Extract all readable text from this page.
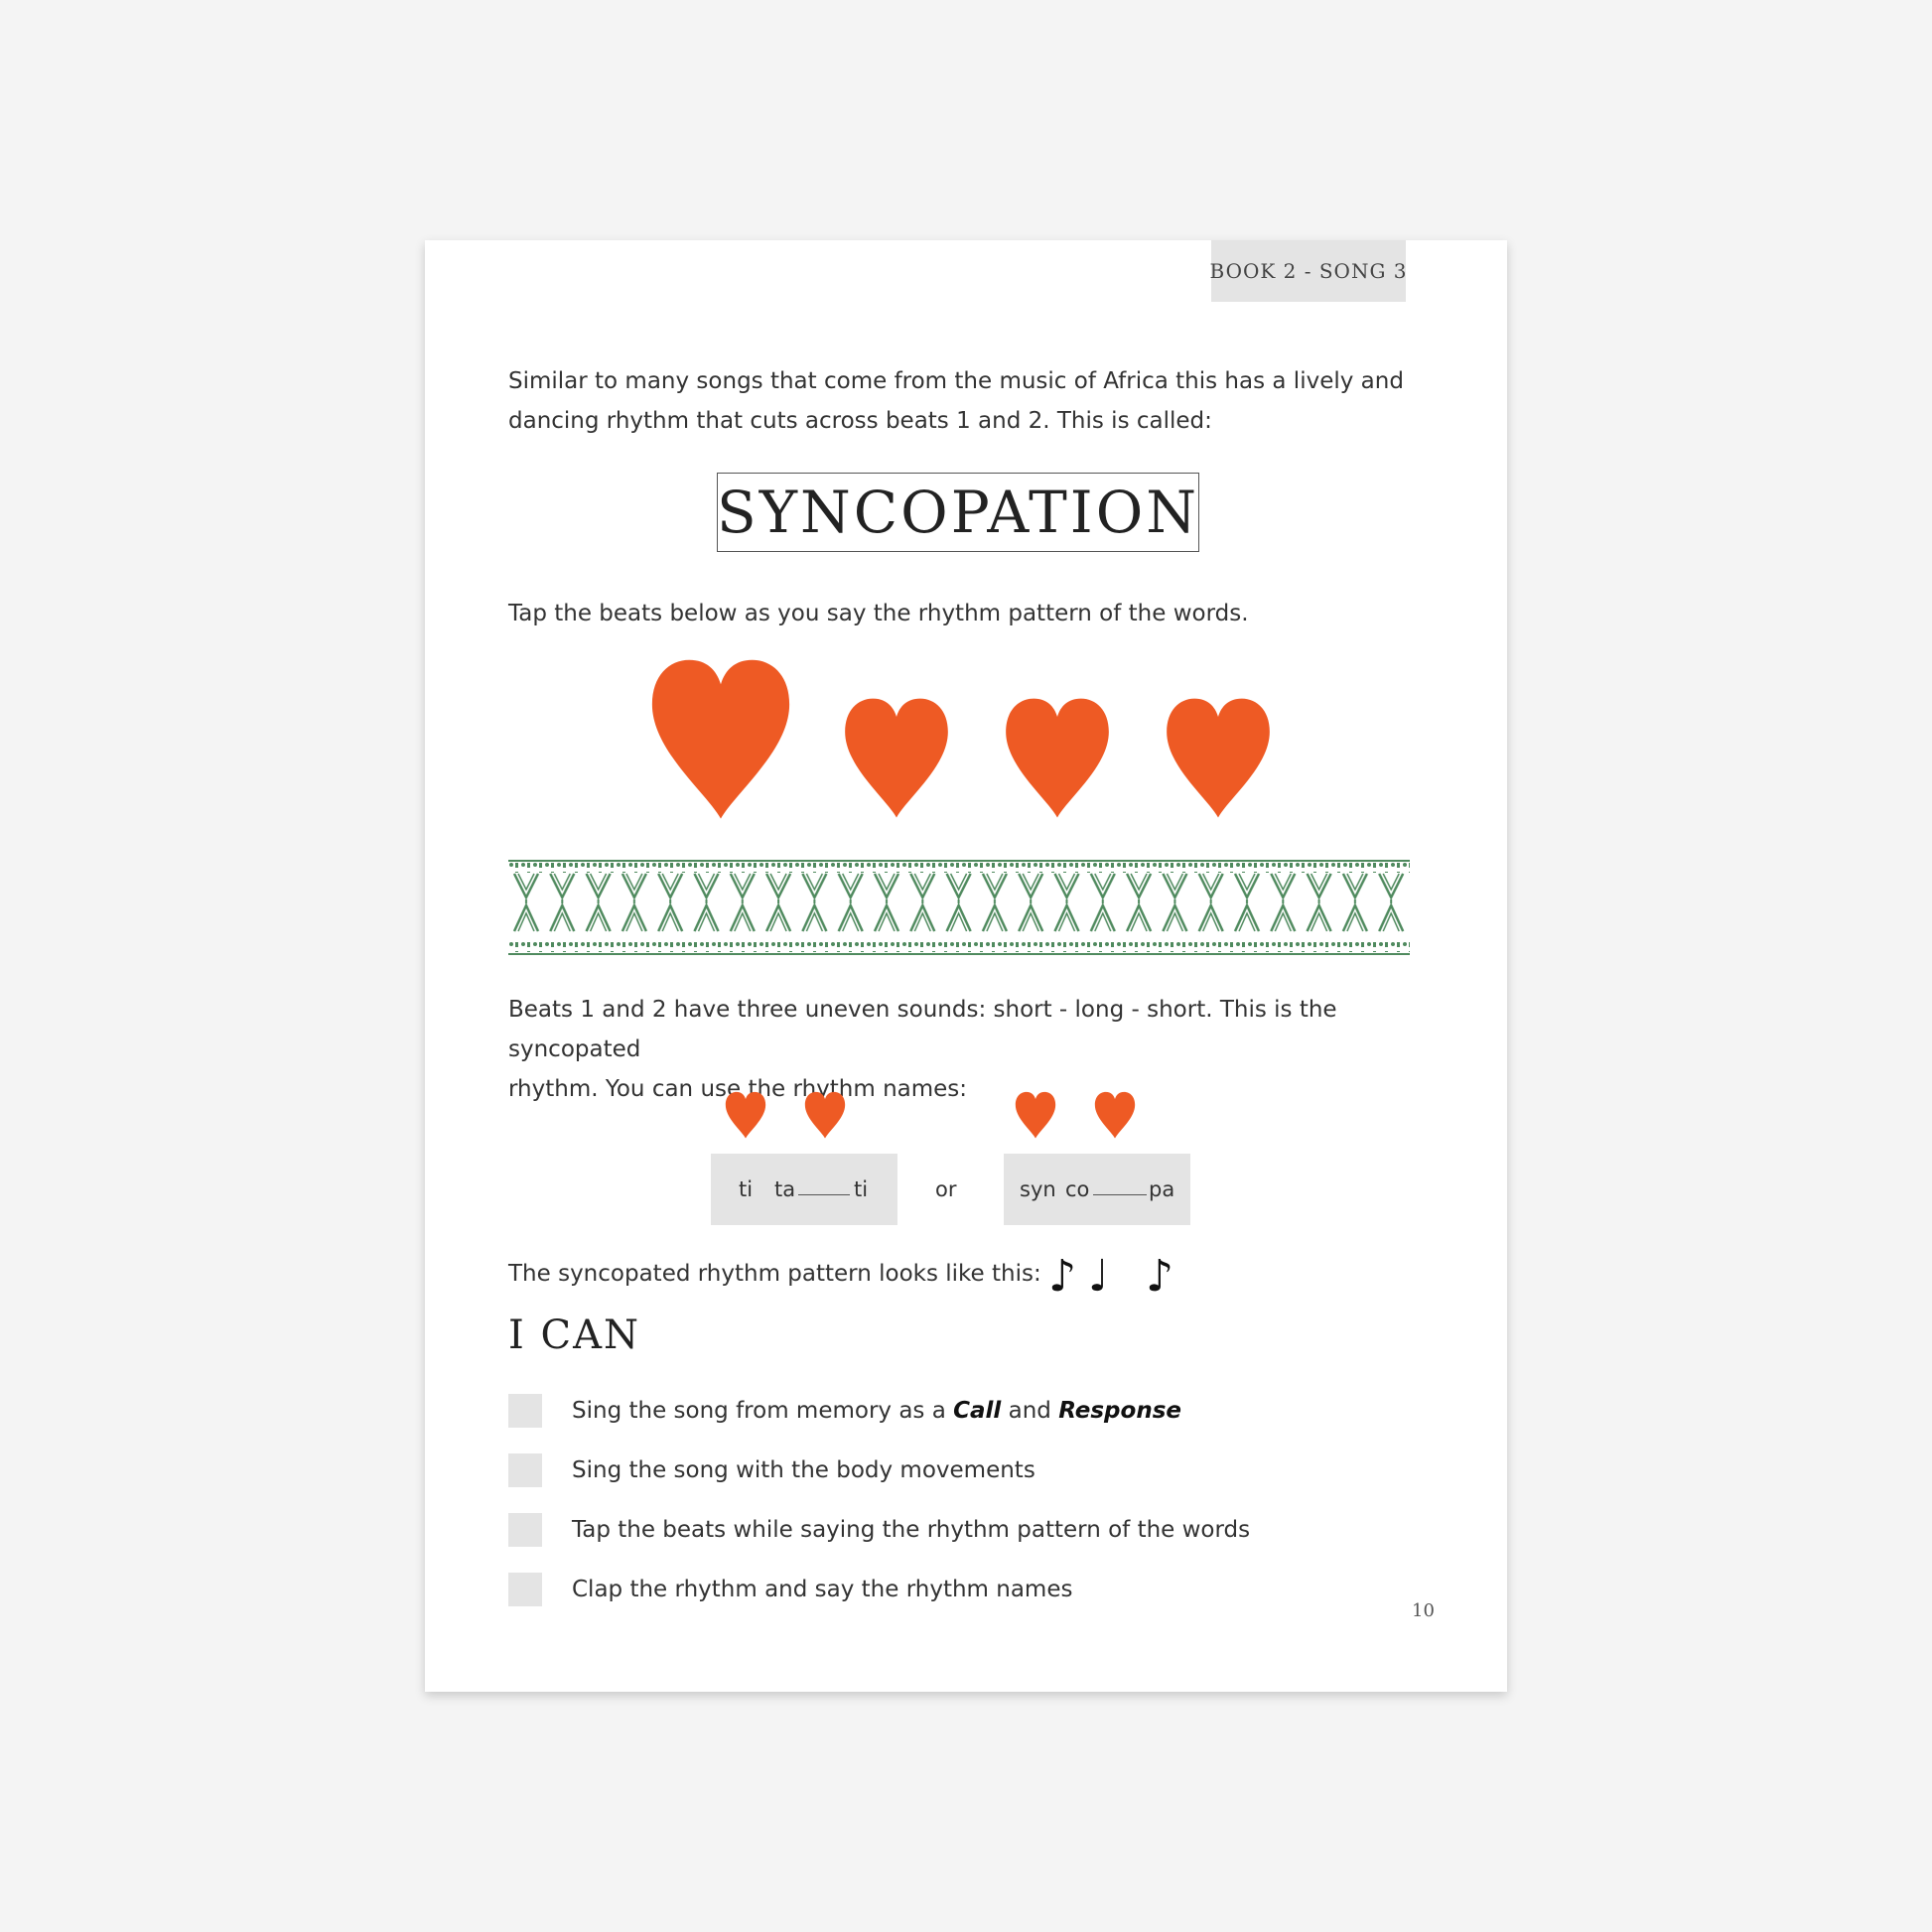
BOOK 2 - SONG 3
Similar to many songs that come from the music of Africa this has a lively and
dancing rhythm that cuts across beats 1 and 2. This is called:
SYNCOPATION
Tap the beats below as you say the rhythm pattern of the words.
Beats 1 and 2 have three uneven sounds: short - long - short. This is the syncopated
rhythm. You can use the rhythm names:
ti ta	ti	or	syn co	pa
The syncopated rhythm pattern looks like this: ♪ ♩ ♪
I CAN
Sing the song from memory as a Call and Response
Sing the song with the body movements
Tap the beats while saying the rhythm pattern of the words
Clap the rhythm and say the rhythm names
10
